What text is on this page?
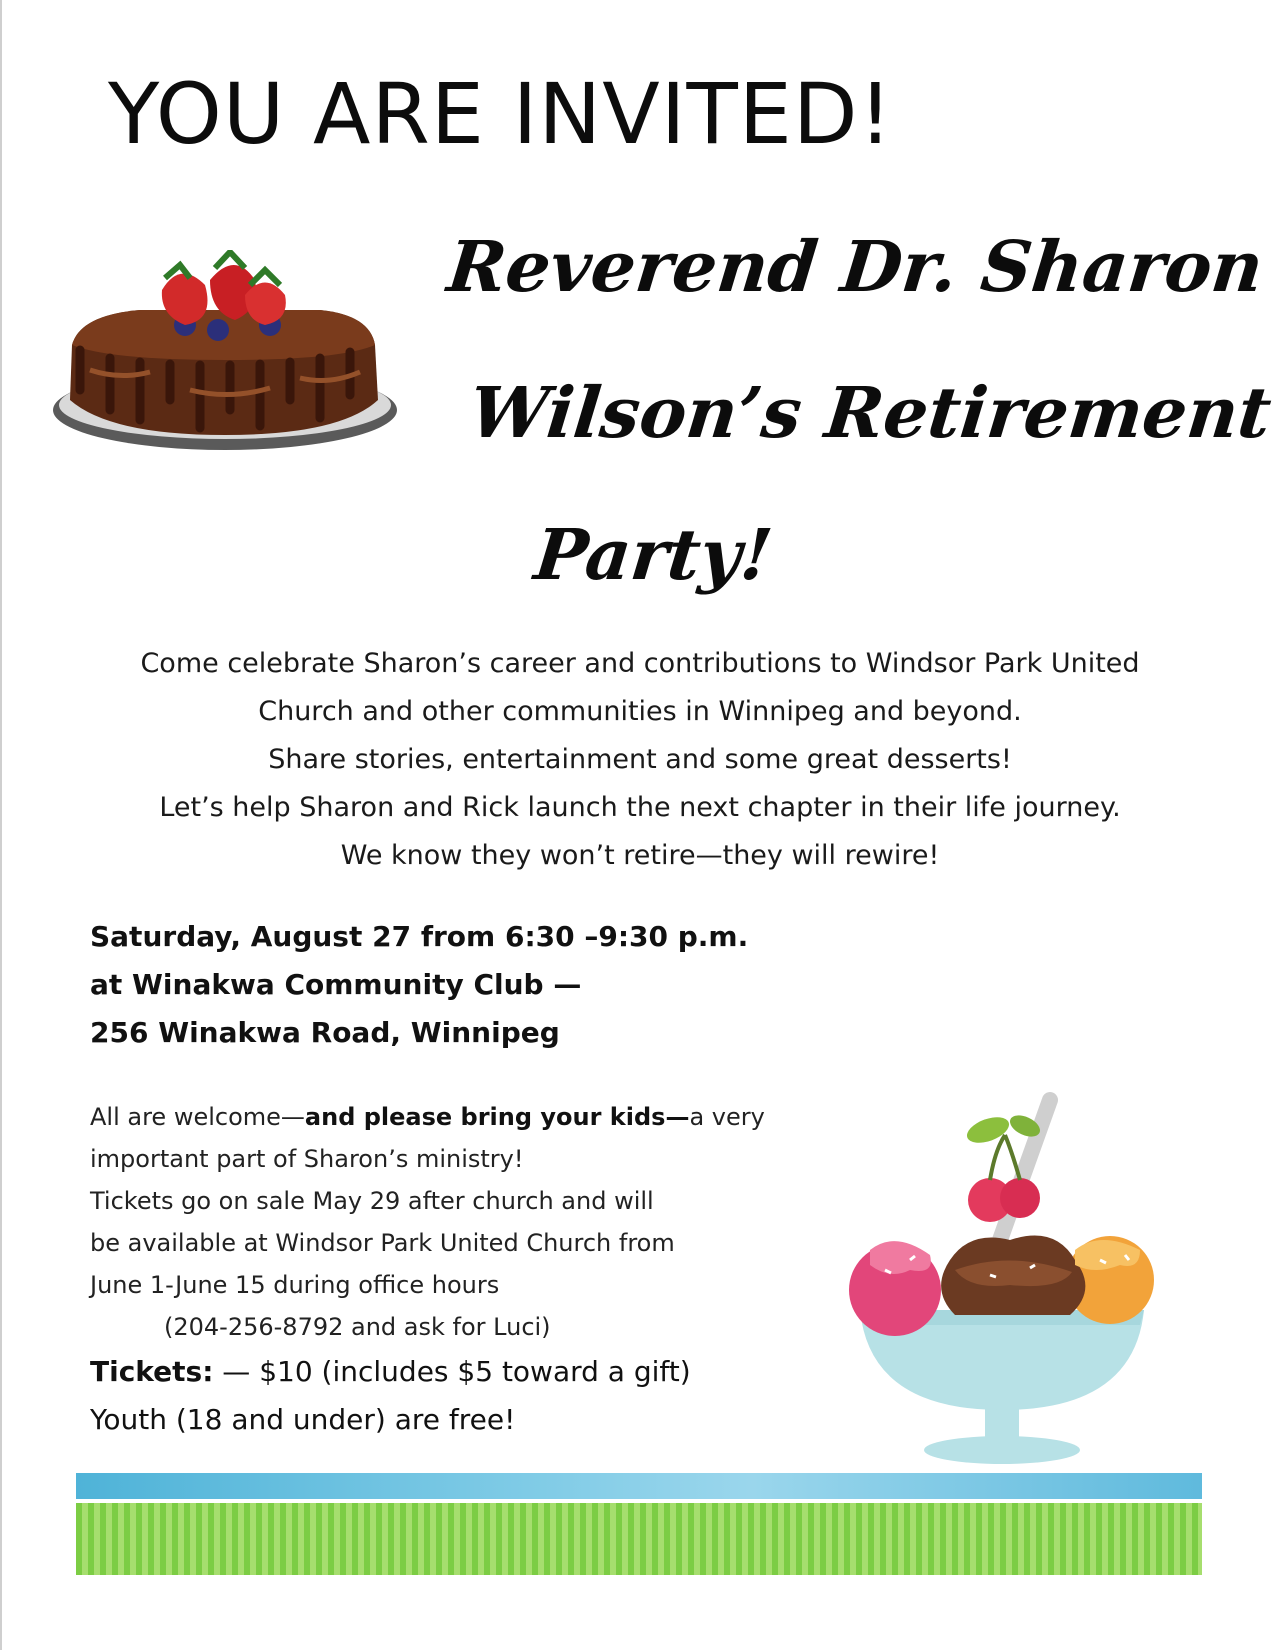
YOU ARE INVITED!
Reverend Dr. Sharon
Wilson’s Retirement
Party!
Come celebrate Sharon’s career and contributions to Windsor Park United
Church and other communities in Winnipeg and beyond.
Share stories, entertainment and some great desserts!
Let’s help Sharon and Rick launch the next chapter in their life journey.
We know they won’t retire—they will rewire!
Saturday, August 27 from 6:30 –9:30 p.m.
at Winakwa Community Club —
256 Winakwa Road, Winnipeg
All are welcome—and please bring your kids—a very
important part of Sharon’s ministry!
Tickets go on sale May 29 after church and will
be available at Windsor Park United Church from
June 1-June 15 during office hours
(204-256-8792 and ask for Luci)
Tickets: — $10 (includes $5 toward a gift)
Youth (18 and under) are free!
